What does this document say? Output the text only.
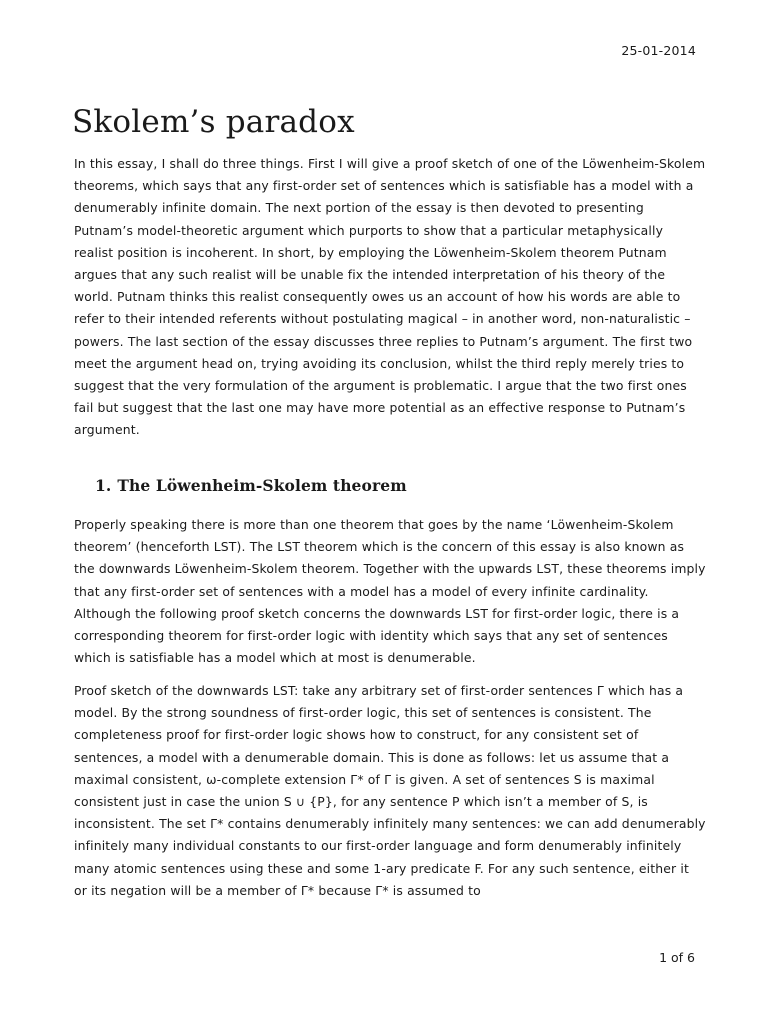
25-01-2014
Skolem’s paradox

In this essay, I shall do three things. First I will give a proof sketch of one of the Löwenheim-Skolem theorems, which says that any first-order set of sentences which is satisfiable has a model with a denumerably infinite domain. The next portion of the essay is then devoted to presenting Putnam’s model-theoretic argument which purports to show that a particular metaphysically realist position is incoherent. In short, by employing the Löwenheim-Skolem theorem Putnam argues that any such realist will be unable fix the intended interpretation of his theory of the world. Putnam thinks this realist consequently owes us an account of how his words are able to refer to their intended referents without postulating magical – in another word, non-naturalistic – powers. The last section of the essay discusses three replies to Putnam’s argument. The first two meet the argument head on, trying avoiding its conclusion, whilst the third reply merely tries to suggest that the very formulation of the argument is problematic. I argue that the two first ones fail but suggest that the last one may have more potential as an effective response to Putnam’s argument.

1. The Löwenheim-Skolem theorem

Properly speaking there is more than one theorem that goes by the name ‘Löwenheim-Skolem theorem’ (henceforth LST). The LST theorem which is the concern of this essay is also known as the downwards Löwenheim-Skolem theorem. Together with the upwards LST, these theorems imply that any first-order set of sentences with a model has a model of every infinite cardinality. Although the following proof sketch concerns the downwards LST for first-order logic, there is a corresponding theorem for first-order logic with identity which says that any set of sentences which is satisfiable has a model which at most is denumerable.

Proof sketch of the downwards LST: take any arbitrary set of first-order sentences Γ which has a model. By the strong soundness of first-order logic, this set of sentences is consistent. The completeness proof for first-order logic shows how to construct, for any consistent set of sentences, a model with a denumerable domain. This is done as follows: let us assume that a maximal consistent, ω-complete extension Γ* of Γ is given. A set of sentences S is maximal consistent just in case the union S ∪ {P}, for any sentence P which isn’t a member of S, is inconsistent. The set Γ* contains denumerably infinitely many sentences: we can add denumerably infinitely many individual constants to our first-order language and form denumerably infinitely many atomic sentences using these and some 1-ary predicate F. For any such sentence, either it or its negation will be a member of Γ* because Γ* is assumed to

1 of 6
